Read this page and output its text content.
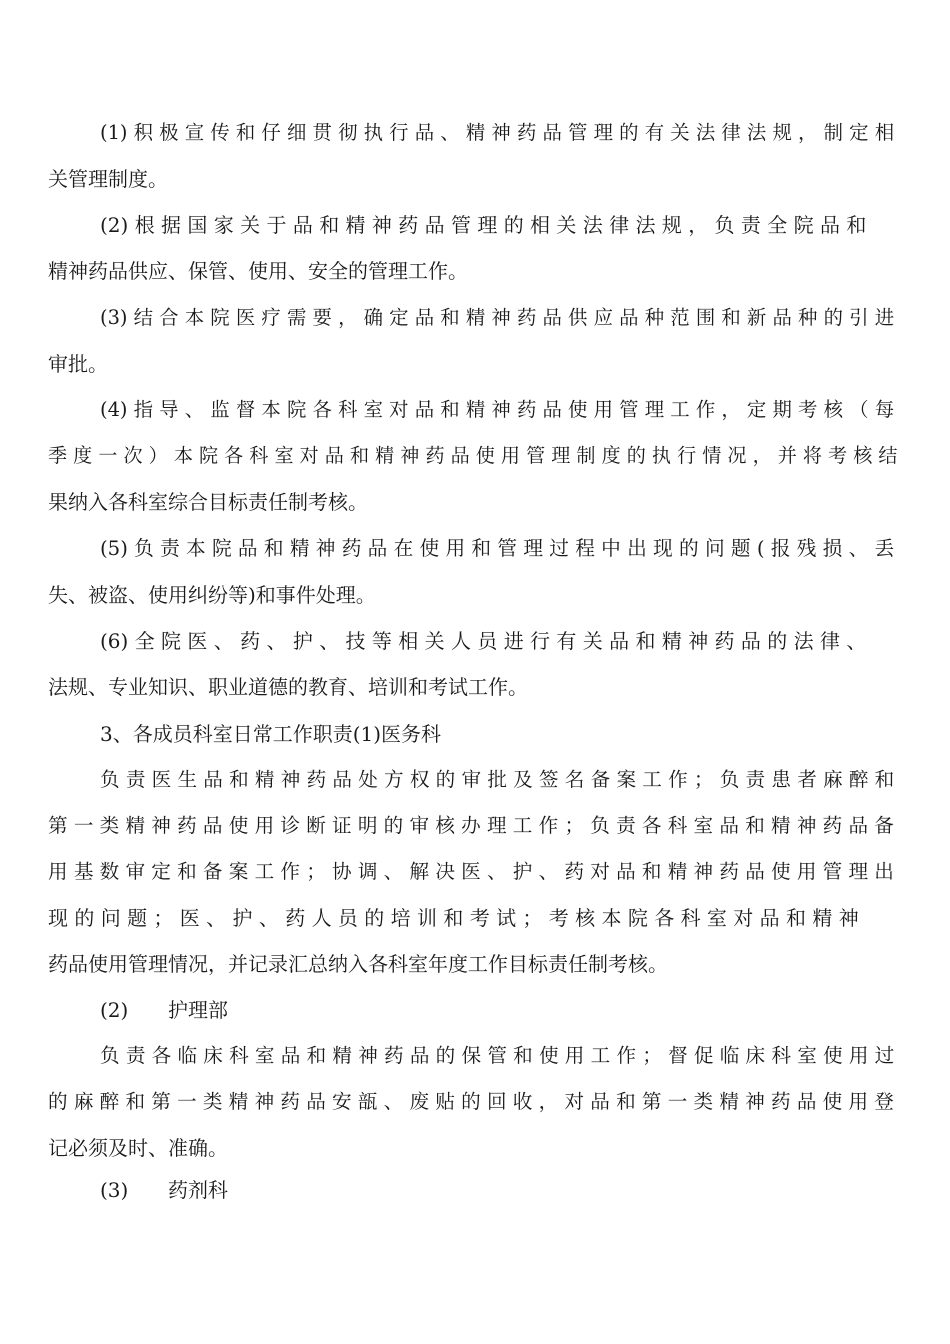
(1) 积 极 宣 传 和 仔 细 贯 彻 执 行 品 、 精 神 药 品 管 理 的 有 关 法 律 法 规 ， 制 定 相
关管理制度。
(2) 根 据 国 家 关 于 品 和 精 神 药 品 管 理 的 相 关 法 律 法 规 ， 负 责 全 院 品 和
精神药品供应、保管、使用、安全的管理工作。
(3) 结 合 本 院 医 疗 需 要 ， 确 定 品 和 精 神 药 品 供 应 品 种 范 围 和 新 品 种 的 引 进
审批。
(4) 指 导 、 监 督 本 院 各 科 室 对 品 和 精 神 药 品 使 用 管 理 工 作 ， 定 期 考 核 （ 每
季 度 一 次 ） 本 院 各 科 室 对 品 和 精 神 药 品 使 用 管 理 制 度 的 执 行 情 况 ， 并 将 考 核 结
果纳入各科室综合目标责任制考核。
(5) 负 责 本 院 品 和 精 神 药 品 在 使 用 和 管 理 过 程 中 出 现 的 问 题 ( 报 残 损 、 丢
失、被盗、使用纠纷等)和事件处理。
(6) 全 院 医 、 药 、 护 、 技 等 相 关 人 员 进 行 有 关 品 和 精 神 药 品 的 法 律 、
法规、专业知识、职业道德的教育、培训和考试工作。
3、各成员科室日常工作职责(1)医务科
负 责 医 生 品 和 精 神 药 品 处 方 权 的 审 批 及 签 名 备 案 工 作 ； 负 责 患 者 麻 醉 和
第 一 类 精 神 药 品 使 用 诊 断 证 明 的 审 核 办 理 工 作 ； 负 责 各 科 室 品 和 精 神 药 品 备
用 基 数 审 定 和 备 案 工 作 ； 协 调 、 解 决 医 、 护 、 药 对 品 和 精 神 药 品 使 用 管 理 出
现 的 问 题 ； 医 、 护 、 药 人 员 的 培 训 和 考 试 ； 考 核 本 院 各 科 室 对 品 和 精 神
药品使用管理情况，并记录汇总纳入各科室年度工作目标责任制考核。
(2) 护理部
负 责 各 临 床 科 室 品 和 精 神 药 品 的 保 管 和 使 用 工 作 ； 督 促 临 床 科 室 使 用 过
的 麻 醉 和 第 一 类 精 神 药 品 安 瓿 、 废 贴 的 回 收 ， 对 品 和 第 一 类 精 神 药 品 使 用 登
记必须及时、准确。
(3) 药剂科
